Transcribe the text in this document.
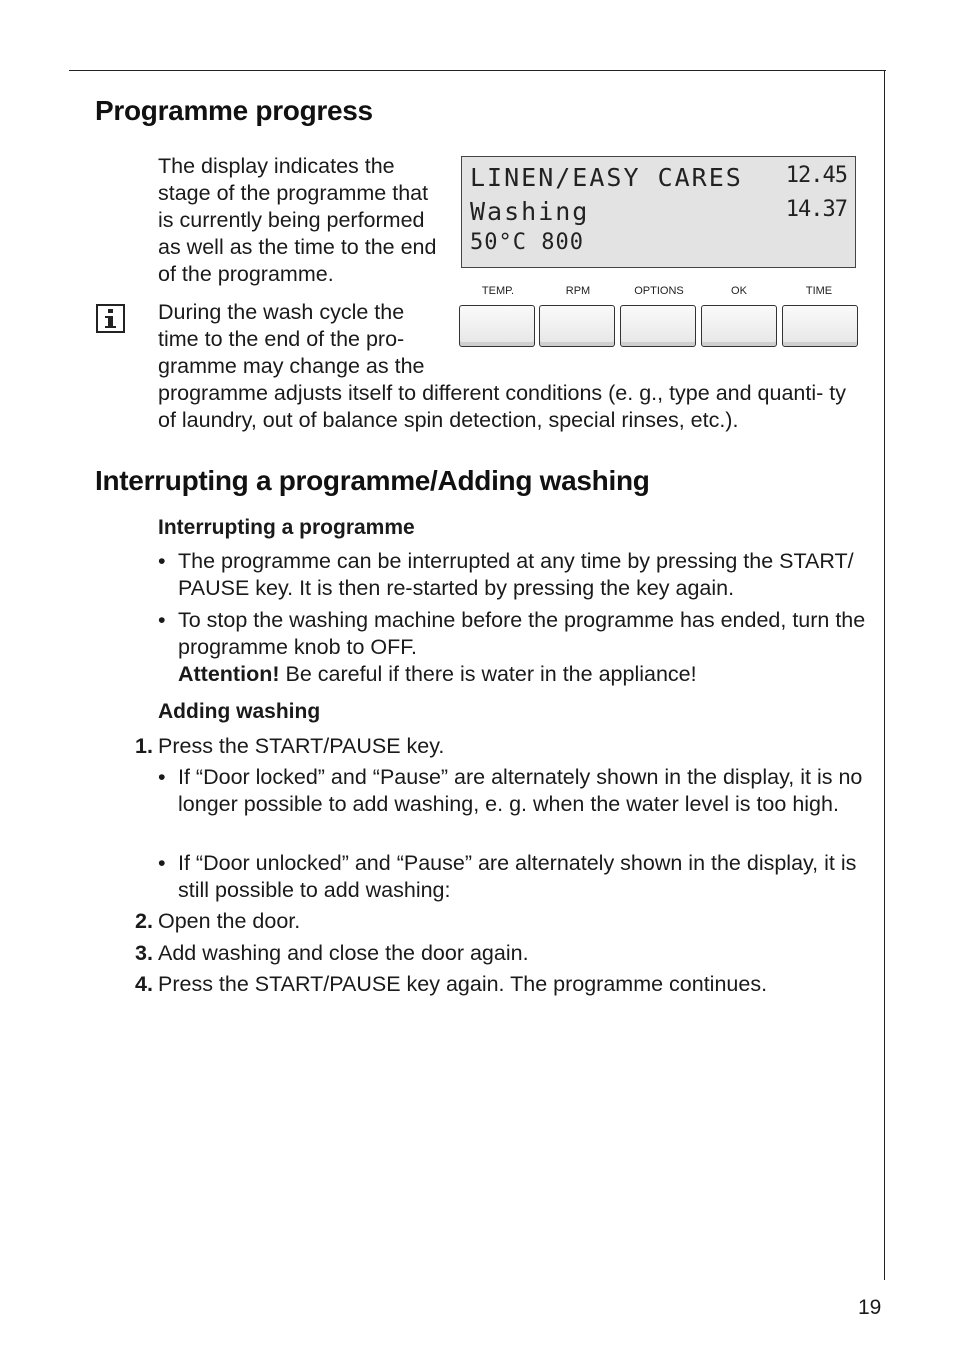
Programme progress
The display indicates the stage of the programme that is currently being performed as well as the time to the end of the programme.
During the wash cycle the time to the end of the pro- gramme may change as the
programme adjusts itself to different conditions (e. g., type and quanti- ty of laundry, out of balance spin detection, special rinses, etc.).
LINEN/EASY CARES 12.45
Washing	14.37
50°C 800
TEMP.	RPM	OPTIONS	OK	TIME
Interrupting a programme/Adding washing
Interrupting a programme
• The programme can be interrupted at any time by pressing the START/ PAUSE key. It is then re-started by pressing the key again.
• To stop the washing machine before the programme has ended, turn the programme knob to OFF.
Attention! Be careful if there is water in the appliance!
Adding washing
1. Press the START/PAUSE key.
• If “Door locked” and “Pause” are alternately shown in the display, it is no longer possible to add washing, e. g. when the water level is too high.
• If “Door unlocked” and “Pause” are alternately shown in the display, it is still possible to add washing:
2. Open the door.
3. Add washing and close the door again.
4. Press the START/PAUSE key again. The programme continues.
19
